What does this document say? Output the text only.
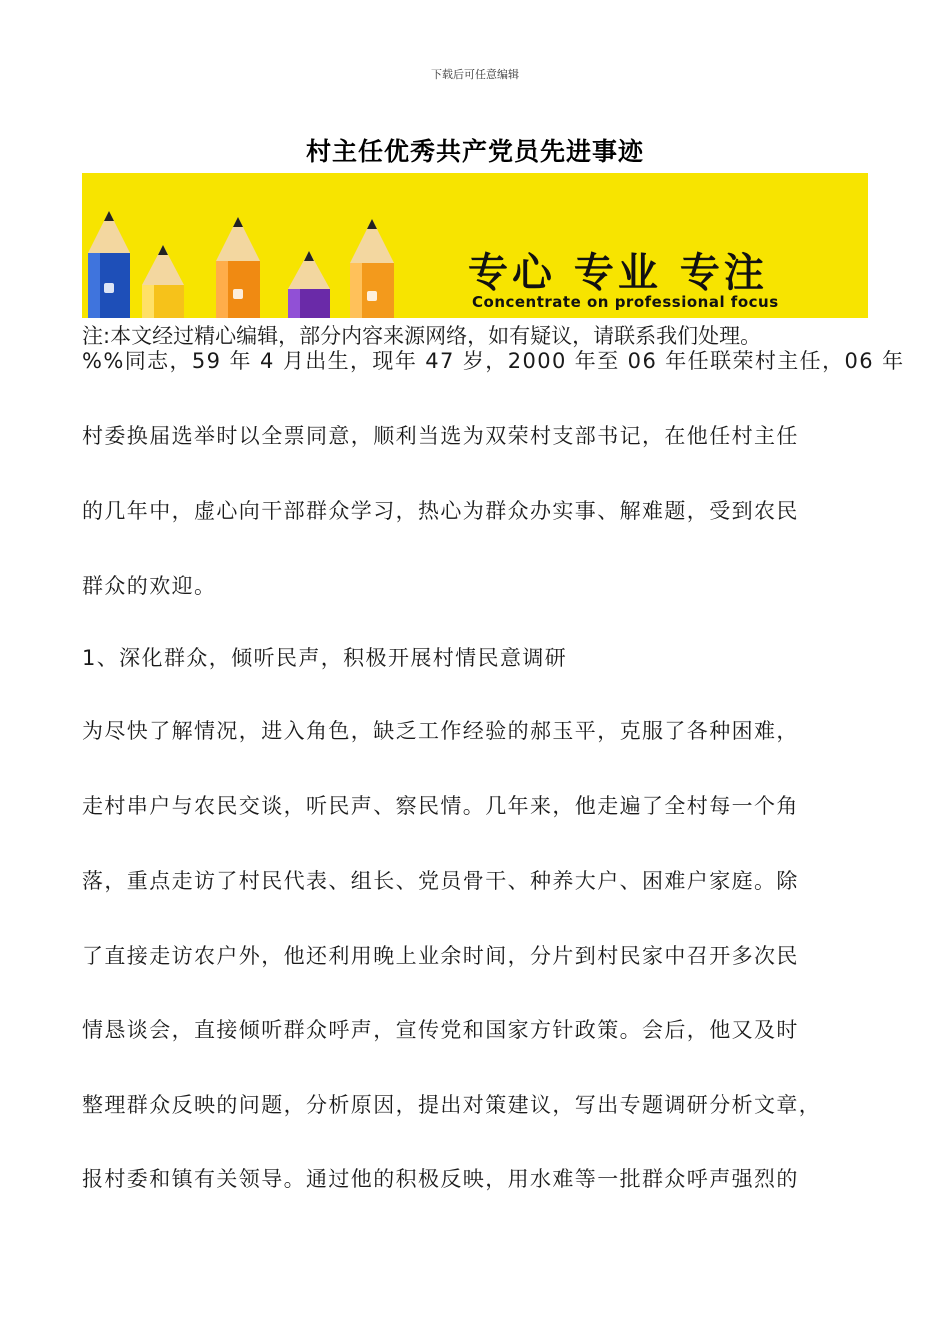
下载后可任意编辑
村主任优秀共产党员先进事迹
专心 专业 专注
Concentrate on professional focus
注:本文经过精心编辑，部分内容来源网络，如有疑议，请联系我们处理。
%%同志，59 年 4 月出生，现年 47 岁，2000 年至 06 年任联荣村主任，06 年
村委换届选举时以全票同意，顺利当选为双荣村支部书记，在他任村主任
的几年中，虚心向干部群众学习，热心为群众办实事、解难题，受到农民
群众的欢迎。
1、深化群众，倾听民声，积极开展村情民意调研
为尽快了解情况，进入角色，缺乏工作经验的郝玉平，克服了各种困难，
走村串户与农民交谈，听民声、察民情。几年来，他走遍了全村每一个角
落，重点走访了村民代表、组长、党员骨干、种养大户、困难户家庭。除
了直接走访农户外，他还利用晚上业余时间，分片到村民家中召开多次民
情恳谈会，直接倾听群众呼声，宣传党和国家方针政策。会后，他又及时
整理群众反映的问题，分析原因，提出对策建议，写出专题调研分析文章，
报村委和镇有关领导。通过他的积极反映，用水难等一批群众呼声强烈的
